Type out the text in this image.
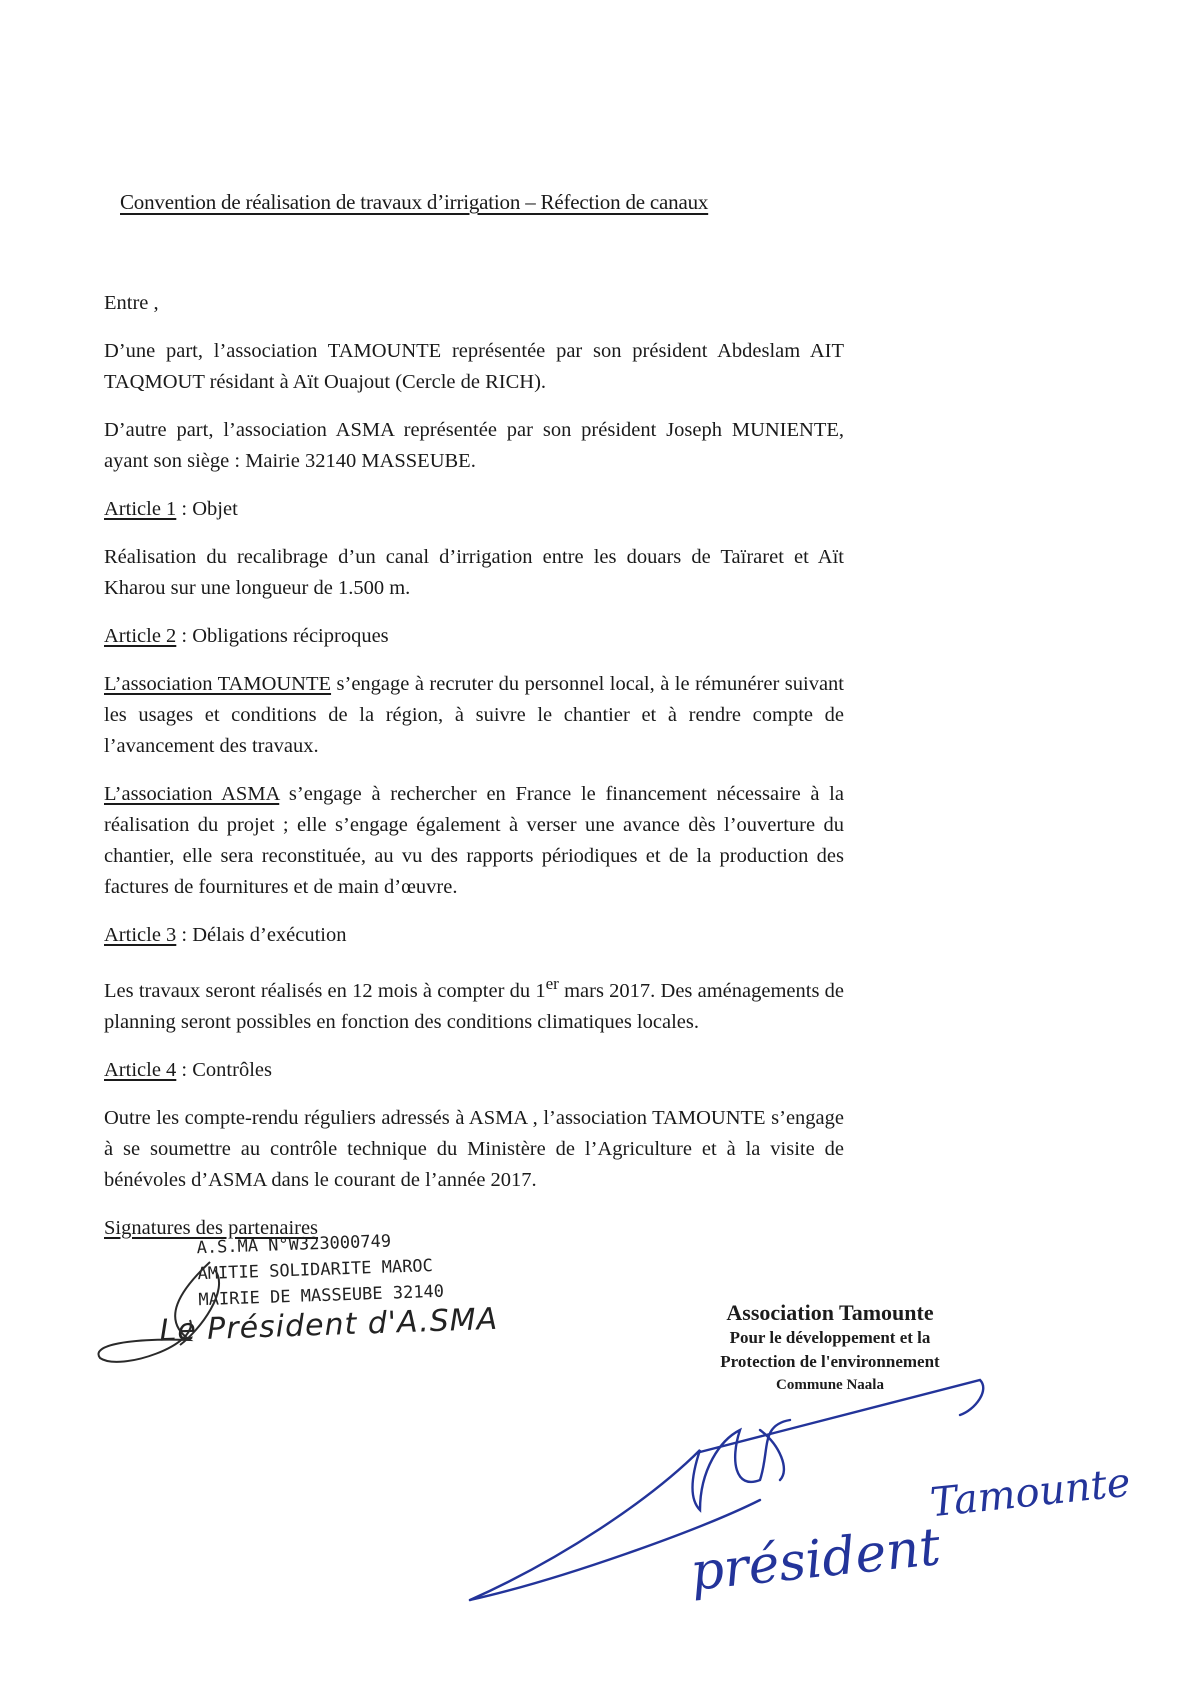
Convention de réalisation de travaux d’irrigation – Réfection de canaux

Entre ,

D’une part, l’association TAMOUNTE représentée par son président Abdeslam AIT TAQMOUT résidant à Aït Ouajout (Cercle de RICH).

D’autre part, l’association ASMA représentée par son président Joseph MUNIENTE, ayant son siège : Mairie 32140 MASSEUBE.

Article 1 : Objet

Réalisation du recalibrage d’un canal d’irrigation entre les douars de Taïraret et Aït Kharou sur une longueur de 1.500 m.

Article 2 : Obligations réciproques

L’association TAMOUNTE s’engage à recruter du personnel local, à le rémunérer suivant les usages et conditions de la région, à suivre le chantier et à rendre compte de l’avancement des travaux.

L’association ASMA s’engage à rechercher en France le financement nécessaire à la réalisation du projet ; elle s’engage également à verser une avance dès l’ouverture du chantier, elle sera reconstituée, au vu des rapports périodiques et de la production des factures de fournitures et de main d’œuvre.

Article 3 : Délais d’exécution

Les travaux seront réalisés en 12 mois à compter du 1er mars 2017. Des aménagements de planning seront possibles en fonction des conditions climatiques locales.

Article 4 : Contrôles

Outre les compte-rendu réguliers adressés à ASMA , l’association TAMOUNTE s’engage à se soumettre au contrôle technique du Ministère de l’Agriculture et à la visite de bénévoles d’ASMA dans le courant de l’année 2017.

Signatures des partenaires

A.S.MA N°W323000749
AMITIE SOLIDARITE MAROC
MAIRIE DE MASSEUBE 32140
Le Président d'A.SMA	Association Tamounte
Pour le développement et la
Protection de l'environnement
Commune Naala
président
Tamounte
